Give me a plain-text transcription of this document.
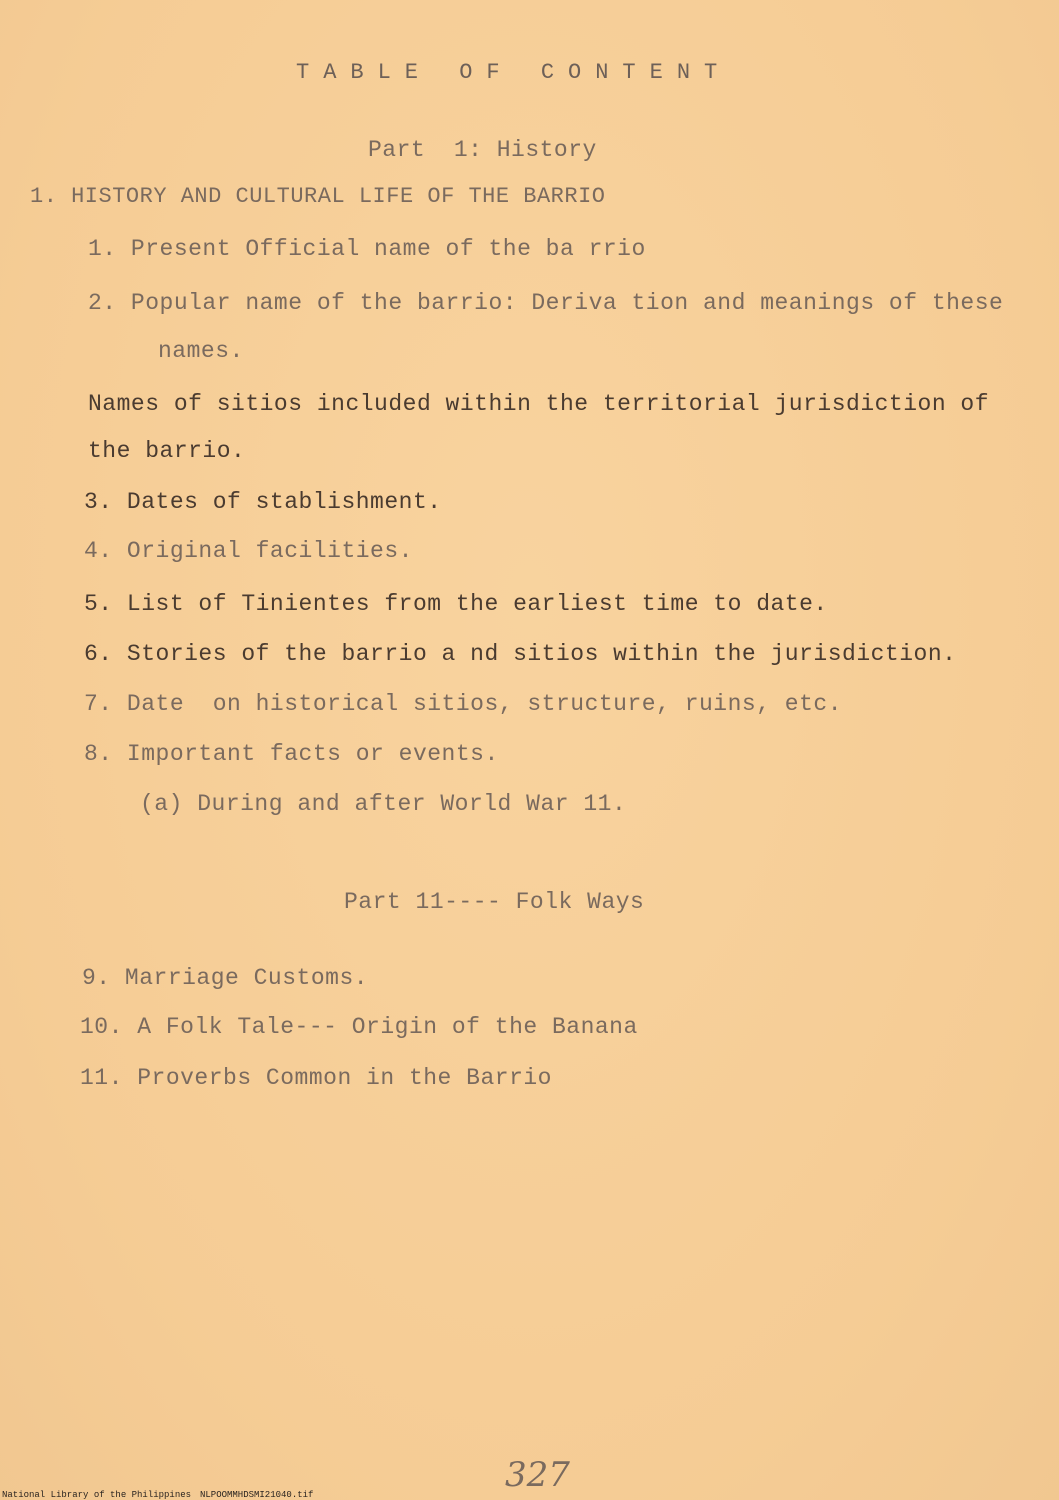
TABLE OF CONTENT
Part  1: History
1. HISTORY AND CULTURAL LIFE OF THE BARRIO
1. Present Official name of the ba rrio
2. Popular name of the barrio: Deriva tion and meanings of these
names.
Names of sitios included within the territorial jurisdiction of
the barrio.
3. Dates of stablishment.
4. Original facilities.
5. List of Tinientes from the earliest time to date.
6. Stories of the barrio a nd sitios within the jurisdiction.
7. Date  on historical sitios, structure, ruins, etc.
8. Important facts or events.
(a) During and after World War 11.
Part 11---- Folk Ways
9. Marriage Customs.
10. A Folk Tale--- Origin of the Banana
11. Proverbs Common in the Barrio
327
National Library of the Philippines NLPOOMMHDSMI21040.tif
